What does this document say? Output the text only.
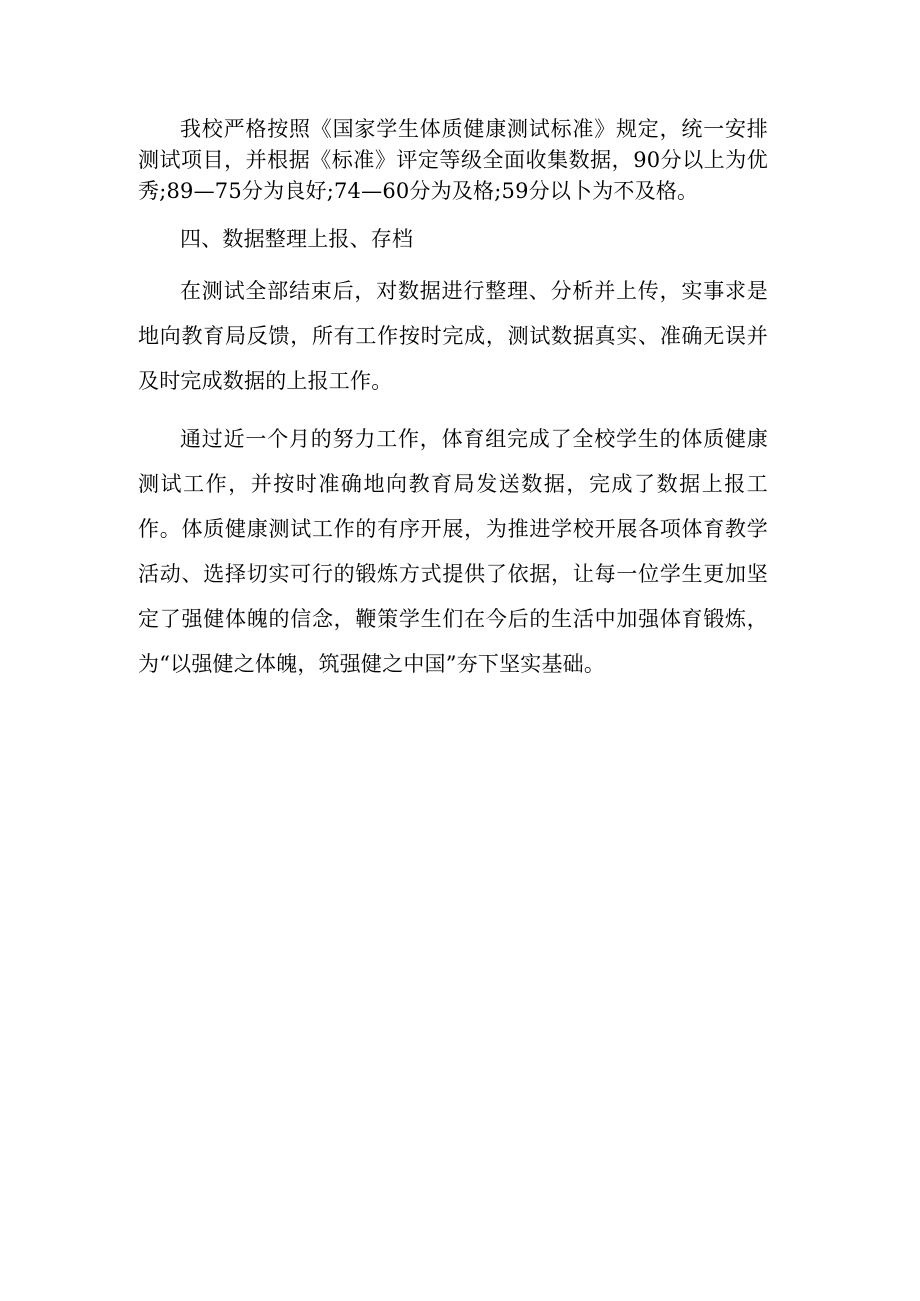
我校严格按照《国家学生体质健康测试标准》规定，统一安排测试项目，并根据《标准》评定等级全面收集数据，90分以上为优秀;89—75分为良好;74—60分为及格;59分以卜为不及格。

四、数据整理上报、存档

在测试全部结束后，对数据进行整理、分析并上传，实事求是地向教育局反馈，所有工作按时完成，测试数据真实、准确无误并及时完成数据的上报工作。

通过近一个月的努力工作，体育组完成了全校学生的体质健康测试工作，并按时准确地向教育局发送数据，完成了数据上报工作。体质健康测试工作的有序开展，为推进学校开展各项体育教学活动、选择切实可行的锻炼方式提供了依据，让每一位学生更加坚定了强健体魄的信念，鞭策学生们在今后的生活中加强体育锻炼，为“以强健之体魄，筑强健之中国”夯下坚实基础。
